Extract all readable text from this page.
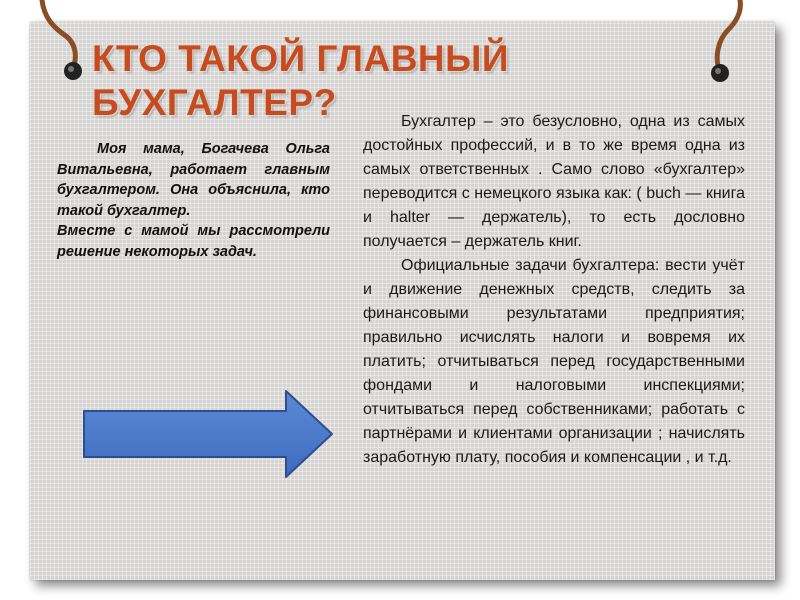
КТО ТАКОЙ ГЛАВНЫЙ БУХГАЛТЕР?

Моя мама, Богачева Ольга Витальевна, работает главным бухгалтером. Она объяснила, кто такой бухгалтер.

Вместе с мамой мы рассмотрели решение некоторых задач.

Бухгалтер – это безусловно, одна из самых достойных профессий, и в то же время одна из самых ответственных . Само слово «бухгалтер» переводится с немецкого языка как: ( buch — книга и halter — держатель), то есть дословно получается – держатель книг.

Официальные задачи бухгалтера: вести учёт и движение денежных средств, следить за финансовыми результатами предприятия; правильно исчислять налоги и вовремя их платить; отчитываться перед государственными фондами и налоговыми инспекциями; отчитываться перед собственниками; работать с партнёрами и клиентами организации ; начислять заработную плату, пособия и компенсации , и т.д.
